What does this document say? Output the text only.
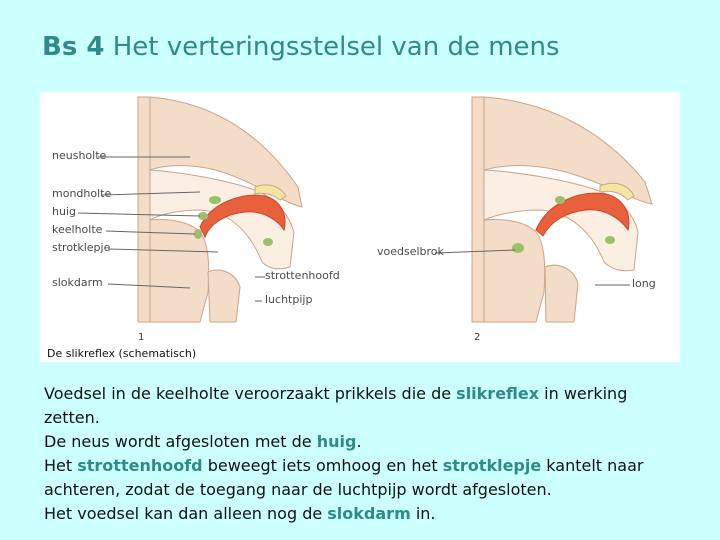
Bs 4 Het verteringsstelsel van de mens
neusholte
mondholte
huig
keelholte
strotklepje
slokdarm
strottenhoofd
luchtpijp
voedselbrok
long
1	2
De slikreflex (schematisch)

Voedsel in de keelholte veroorzaakt prikkels die de slikreflex in werking zetten.

De neus wordt afgesloten met de huig.

Het strottenhoofd beweegt iets omhoog en het strotklepje kantelt naar achteren, zodat de toegang naar de luchtpijp wordt afgesloten.

Het voedsel kan dan alleen nog de slokdarm in.
